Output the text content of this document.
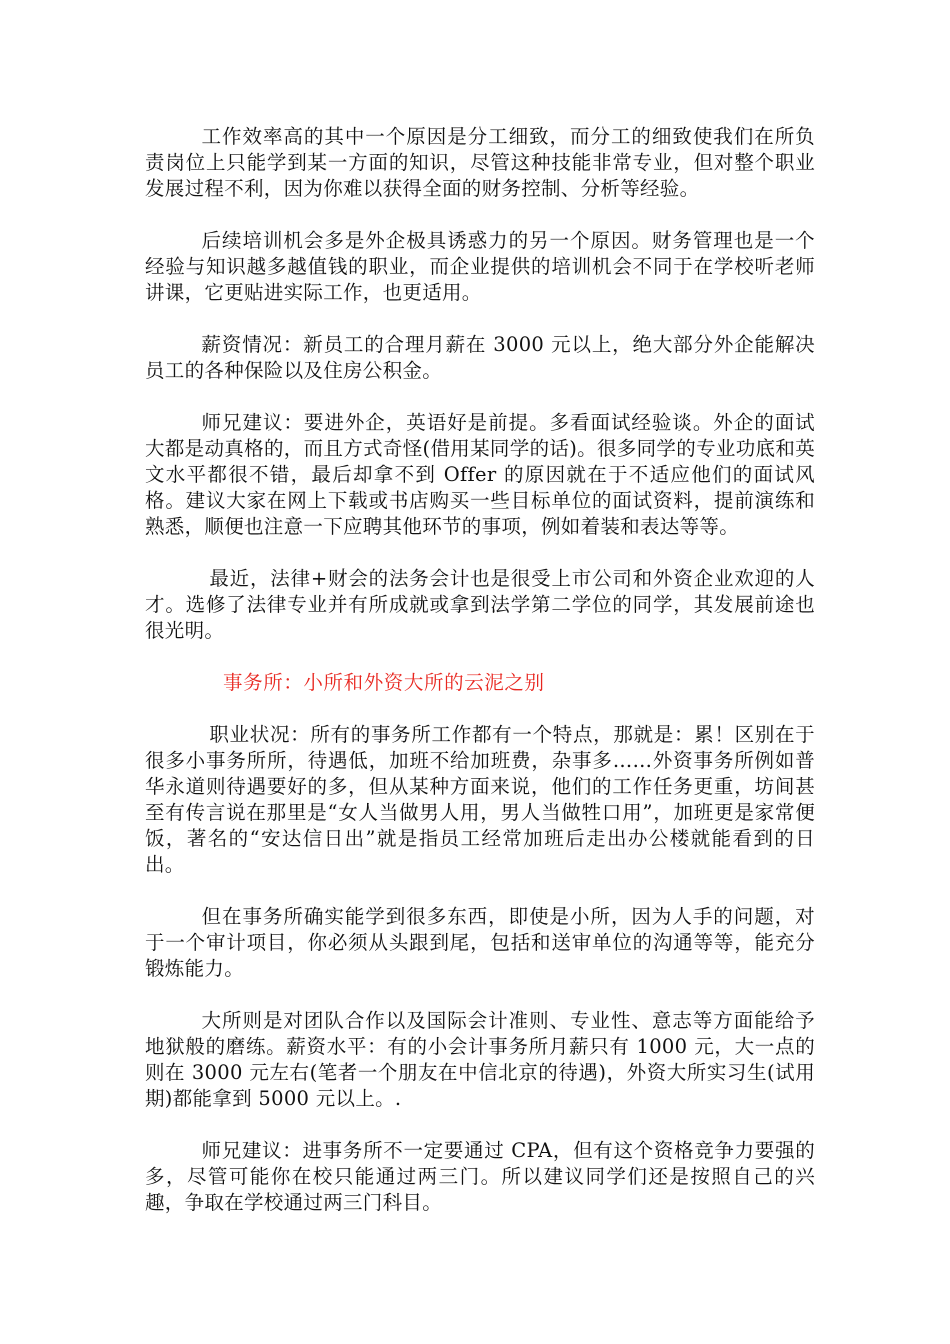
工作效率高的其中一个原因是分工细致，而分工的细致使我们在所负责岗位上只能学到某一方面的知识，尽管这种技能非常专业，但对整个职业发展过程不利，因为你难以获得全面的财务控制、分析等经验。

后续培训机会多是外企极具诱惑力的另一个原因。财务管理也是一个经验与知识越多越值钱的职业，而企业提供的培训机会不同于在学校听老师讲课，它更贴进实际工作，也更适用。

薪资情况：新员工的合理月薪在 3000 元以上，绝大部分外企能解决员工的各种保险以及住房公积金。

师兄建议：要进外企，英语好是前提。多看面试经验谈。外企的面试大都是动真格的，而且方式奇怪(借用某同学的话)。很多同学的专业功底和英文水平都很不错，最后却拿不到 Offer 的原因就在于不适应他们的面试风格。建议大家在网上下载或书店购买一些目标单位的面试资料，提前演练和熟悉，顺便也注意一下应聘其他环节的事项，例如着装和表达等等。

最近，法律+财会的法务会计也是很受上市公司和外资企业欢迎的人才。选修了法律专业并有所成就或拿到法学第二学位的同学，其发展前途也很光明。

事务所：小所和外资大所的云泥之别

职业状况：所有的事务所工作都有一个特点，那就是：累！区别在于很多小事务所所，待遇低，加班不给加班费，杂事多……外资事务所例如普华永道则待遇要好的多，但从某种方面来说，他们的工作任务更重，坊间甚至有传言说在那里是“女人当做男人用，男人当做牲口用”，加班更是家常便饭，著名的“安达信日出”就是指员工经常加班后走出办公楼就能看到的日出。

但在事务所确实能学到很多东西，即使是小所，因为人手的问题，对于一个审计项目，你必须从头跟到尾，包括和送审单位的沟通等等，能充分锻炼能力。

大所则是对团队合作以及国际会计准则、专业性、意志等方面能给予地狱般的磨练。薪资水平：有的小会计事务所月薪只有 1000 元，大一点的则在 3000 元左右(笔者一个朋友在中信北京的待遇)，外资大所实习生(试用期)都能拿到 5000 元以上。.

师兄建议：进事务所不一定要通过 CPA，但有这个资格竞争力要强的多，尽管可能你在校只能通过两三门。所以建议同学们还是按照自己的兴趣，争取在学校通过两三门科目。
